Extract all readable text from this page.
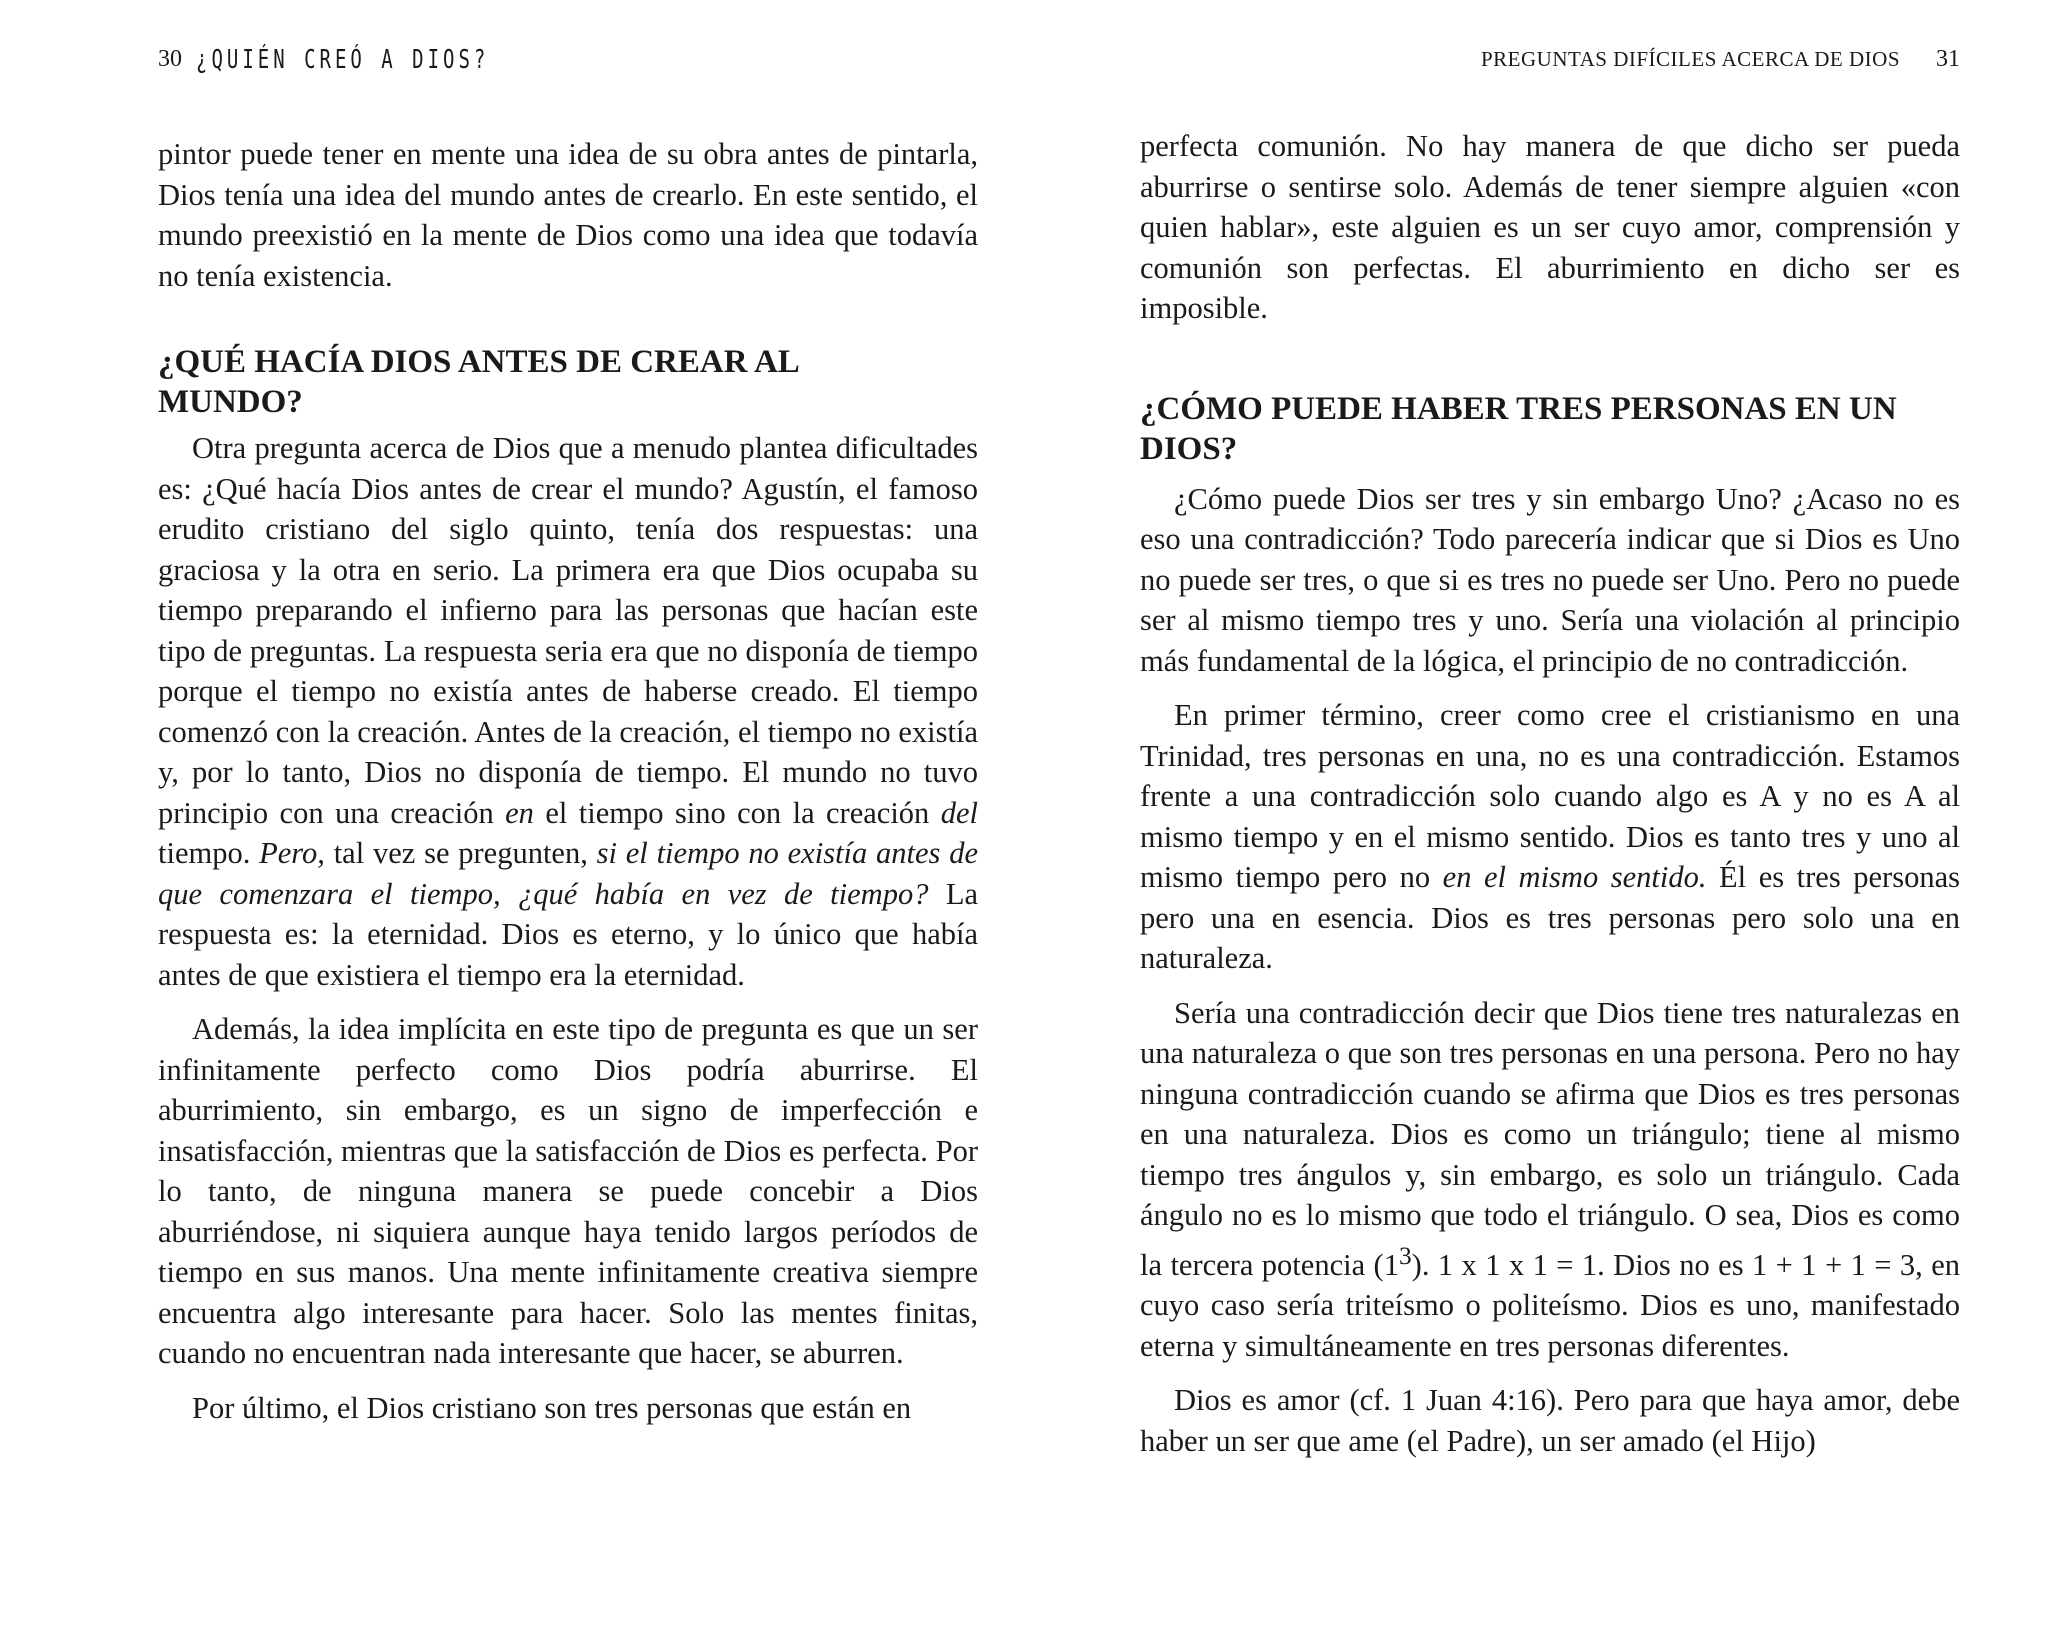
30 ¿QUIÉN CREÓ A DIOS?

pintor puede tener en mente una idea de su obra antes de pintarla, Dios tenía una idea del mundo antes de crearlo. En este sentido, el mundo preexistió en la mente de Dios como una idea que todavía no tenía existencia.

¿QUÉ HACÍA DIOS ANTES DE CREAR AL MUNDO?

Otra pregunta acerca de Dios que a menudo plantea dificultades es: ¿Qué hacía Dios antes de crear el mundo? Agustín, el famoso erudito cristiano del siglo quinto, tenía dos respuestas: una graciosa y la otra en serio. La primera era que Dios ocupaba su tiempo preparando el infierno para las personas que hacían este tipo de preguntas. La respuesta seria era que no disponía de tiempo porque el tiempo no existía antes de haberse creado. El tiempo comenzó con la creación. Antes de la creación, el tiempo no existía y, por lo tanto, Dios no disponía de tiempo. El mundo no tuvo principio con una creación en el tiempo sino con la creación del tiempo. Pero, tal vez se pregunten, si el tiempo no existía antes de que comenzara el tiempo, ¿qué había en vez de tiempo? La respuesta es: la eternidad. Dios es eterno, y lo único que había antes de que existiera el tiempo era la eternidad.

Además, la idea implícita en este tipo de pregunta es que un ser infinitamente perfecto como Dios podría aburrirse. El aburrimiento, sin embargo, es un signo de imperfección e insatisfacción, mientras que la satisfacción de Dios es perfecta. Por lo tanto, de ninguna manera se puede concebir a Dios aburriéndose, ni siquiera aunque haya tenido largos períodos de tiempo en sus manos. Una mente infinitamente creativa siempre encuentra algo interesante para hacer. Solo las mentes finitas, cuando no encuentran nada interesante que hacer, se aburren.

Por último, el Dios cristiano son tres personas que están en

PREGUNTAS DIFÍCILES ACERCA DE DIOS 31

perfecta comunión. No hay manera de que dicho ser pueda aburrirse o sentirse solo. Además de tener siempre alguien «con quien hablar», este alguien es un ser cuyo amor, comprensión y comunión son perfectas. El aburrimiento en dicho ser es imposible.

¿CÓMO PUEDE HABER TRES PERSONAS EN UN DIOS?

¿Cómo puede Dios ser tres y sin embargo Uno? ¿Acaso no es eso una contradicción? Todo parecería indicar que si Dios es Uno no puede ser tres, o que si es tres no puede ser Uno. Pero no puede ser al mismo tiempo tres y uno. Sería una violación al principio más fundamental de la lógica, el principio de no contradicción.

En primer término, creer como cree el cristianismo en una Trinidad, tres personas en una, no es una contradicción. Estamos frente a una contradicción solo cuando algo es A y no es A al mismo tiempo y en el mismo sentido. Dios es tanto tres y uno al mismo tiempo pero no en el mismo sentido. Él es tres personas pero una en esencia. Dios es tres personas pero solo una en naturaleza.

Sería una contradicción decir que Dios tiene tres naturalezas en una naturaleza o que son tres personas en una persona. Pero no hay ninguna contradicción cuando se afirma que Dios es tres personas en una naturaleza. Dios es como un triángulo; tiene al mismo tiempo tres ángulos y, sin embargo, es solo un triángulo. Cada ángulo no es lo mismo que todo el triángulo. O sea, Dios es como la tercera potencia $(1^3)$. 1 x 1 x 1 = 1. Dios no es 1 + 1 + 1 = 3, en cuyo caso sería triteísmo o politeísmo. Dios es uno, manifestado eterna y simultáneamente en tres personas diferentes.

Dios es amor (cf. 1 Juan 4:16). Pero para que haya amor, debe haber un ser que ame (el Padre), un ser amado (el Hijo)
